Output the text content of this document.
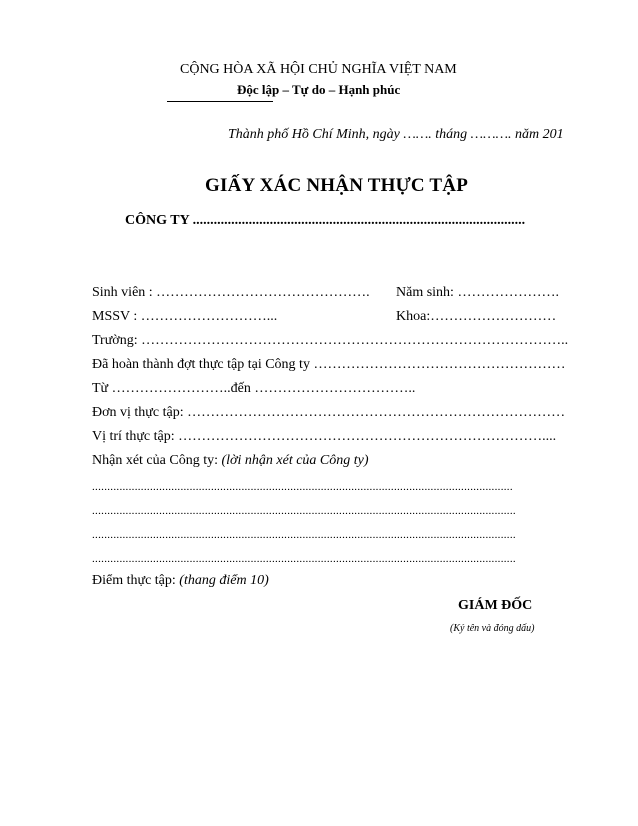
CỘNG HÒA XÃ HỘI CHỦ NGHĨA VIỆT NAM
Độc lập – Tự do – Hạnh phúc
Thành phố Hồ Chí Minh, ngày ……. tháng ………. năm 201
GIẤY XÁC NHẬN THỰC TẬP
CÔNG TY ...............................................................................................
Sinh viên : ………………………………………. Năm sinh: ………………….
MSSV : ………………………...	Khoa:………………………
Trường: ………………………………………………………………………………..
Đã hoàn thành đợt thực tập tại Công ty ………………………………………………
Từ ……………………..đến ……………………………..
Đơn vị thực tập: ………………………………………………………………………
Vị trí thực tập: ……………………………………………………………………....
Nhận xét của Công ty: (lời nhận xét của Công ty)
..........................................................................................................................................
...........................................................................................................................................
...........................................................................................................................................
...........................................................................................................................................
Điểm thực tập: (thang điểm 10)
GIÁM ĐỐC
(Ký tên và đóng dấu)
